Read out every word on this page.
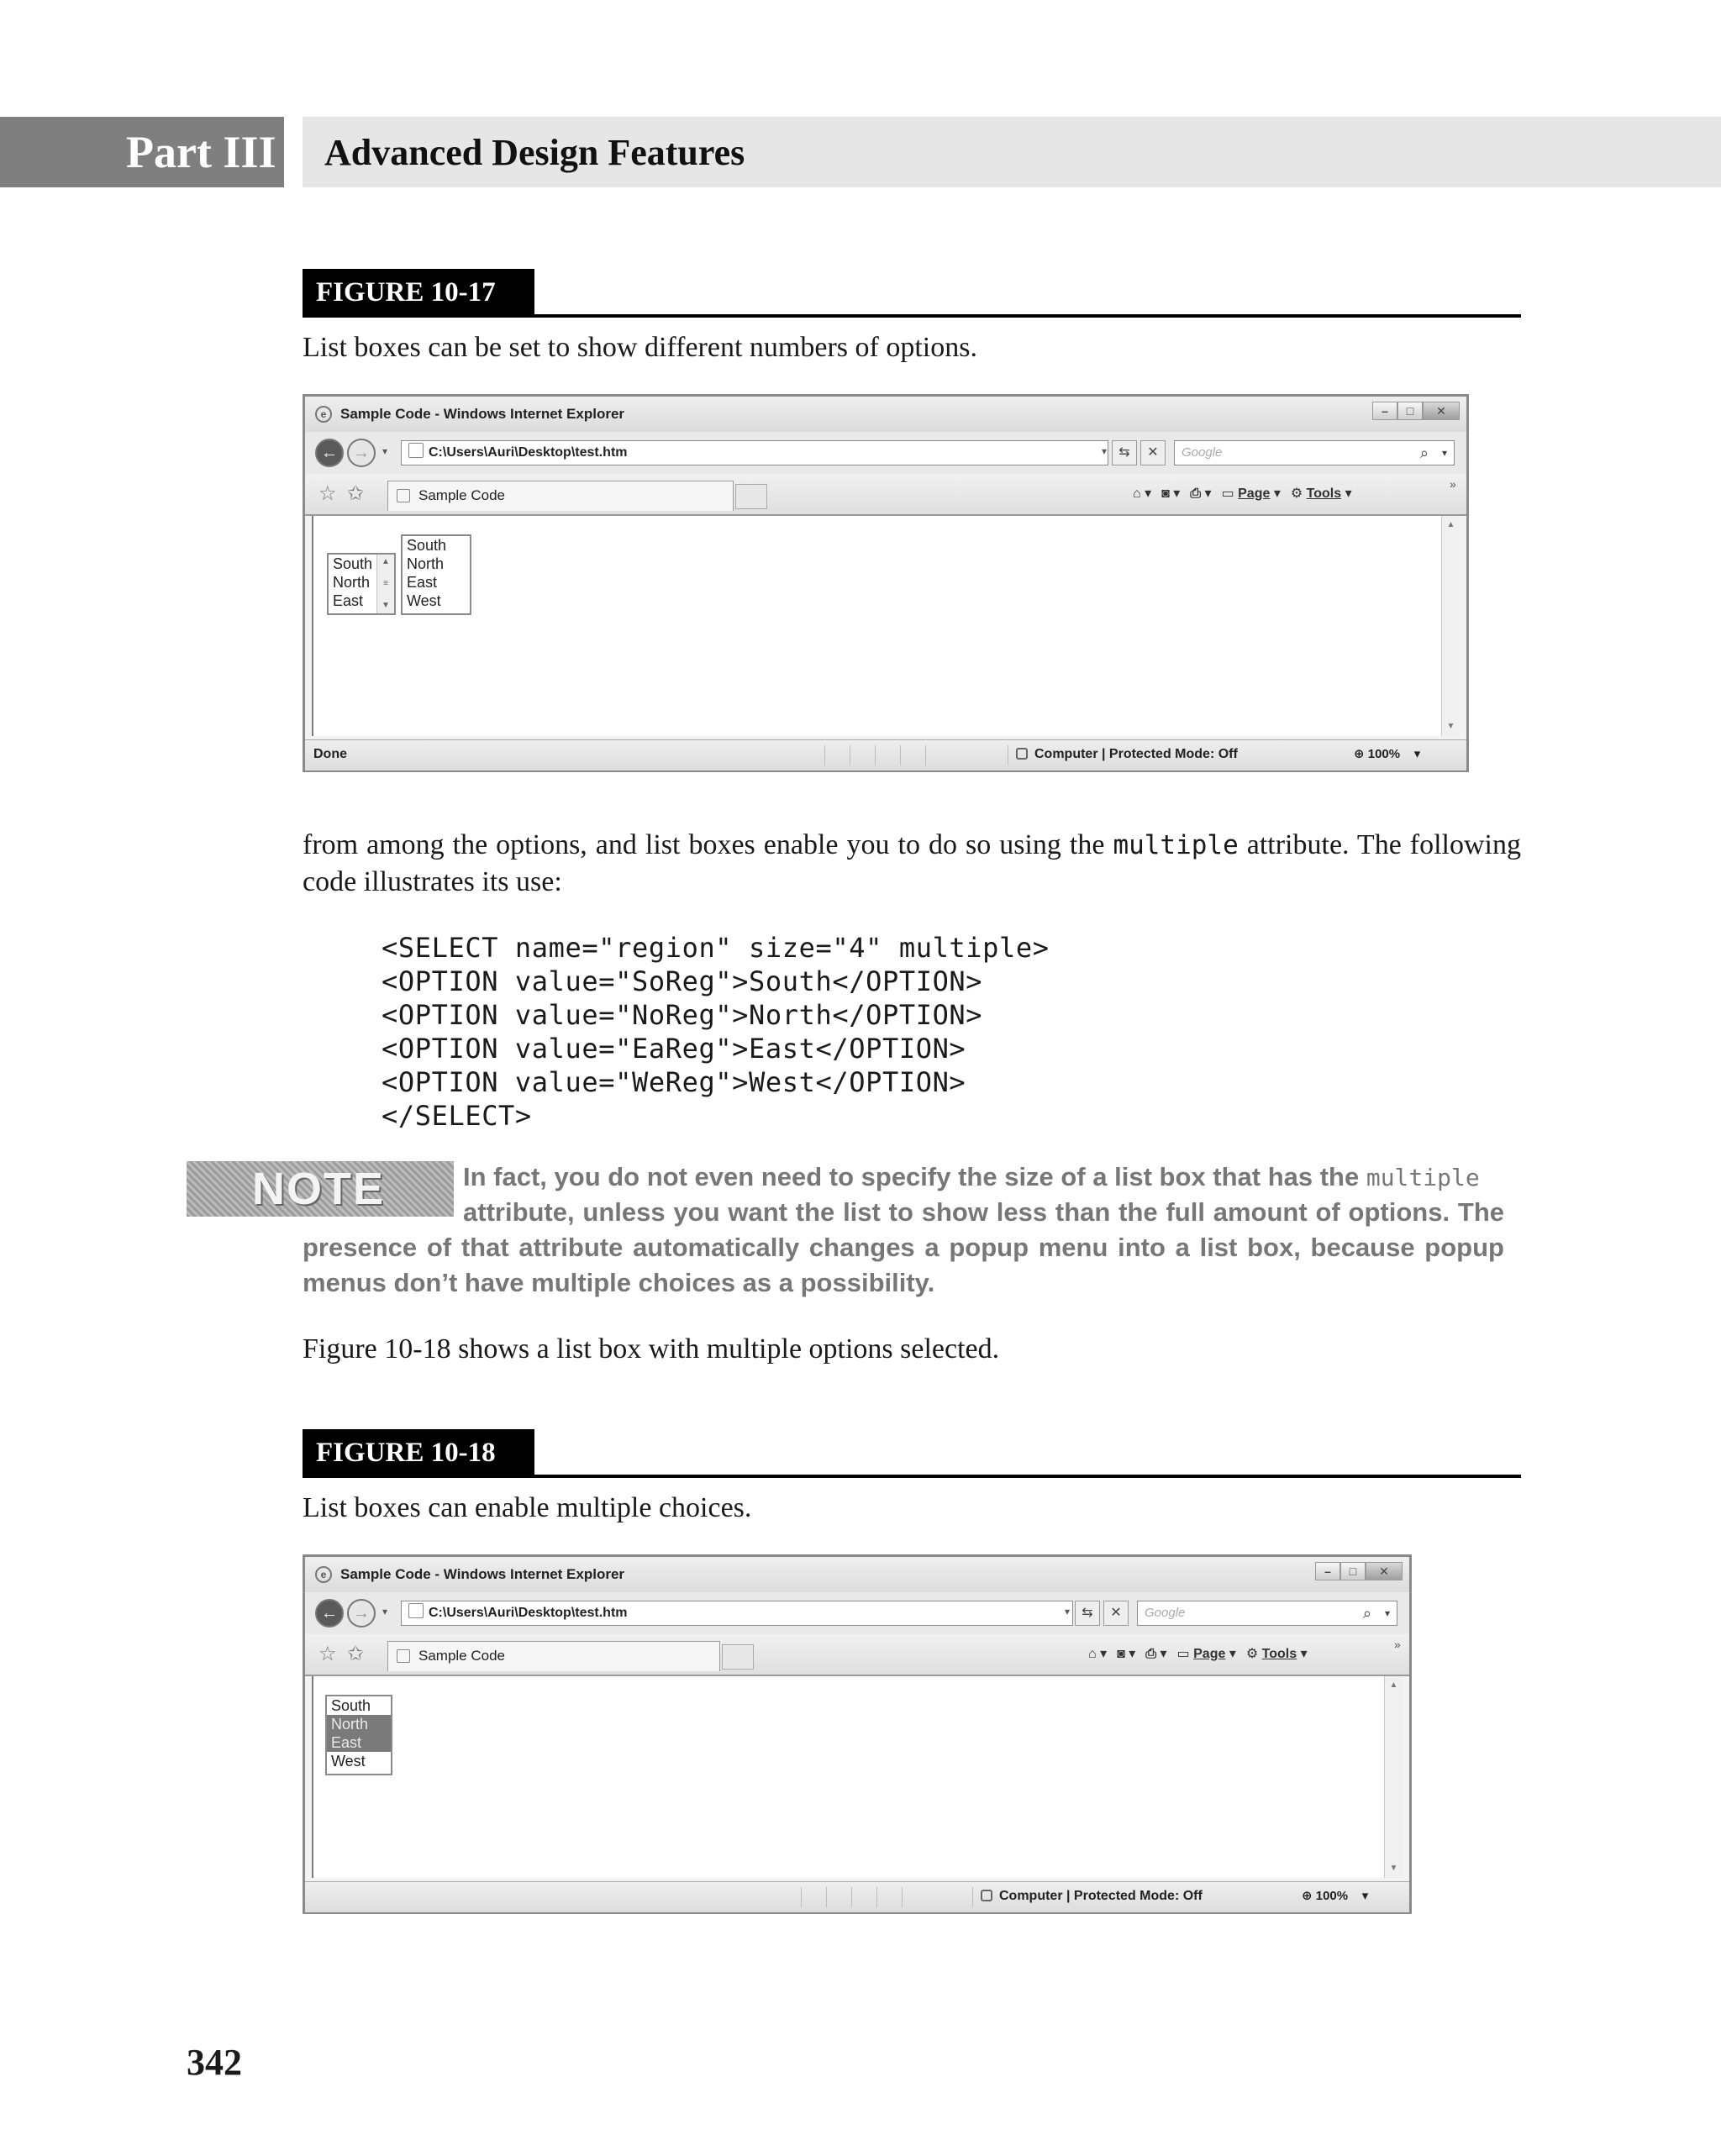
Part III Advanced Design Features
FIGURE 10-17
List boxes can be set to show different numbers of options.
e Sample Code - Windows Internet Explorer	–	□	✕
← →	▾	C:\Users\Auri\Desktop\test.htm	▾ ⇆	✕	Google	⌕ ▾
☆ ✩	Sample Code	⌂ ▾ ◙ ▾ ⎙ ▾ ▭ Page ▾ ⚙ Tools ▾
»
South
North
East
▲
≡
▼
South
North
East
West
▲
▼
Done	Computer | Protected Mode: Off	⊕ 100%    ▾
from among the options, and list boxes enable you to do so using the multiple attribute. The following code illustrates its use:
<SELECT name="region" size="4" multiple>
<OPTION value="SoReg">South</OPTION>
<OPTION value="NoReg">North</OPTION>
<OPTION value="EaReg">East</OPTION>
<OPTION value="WeReg">West</OPTION>
</SELECT>
NOTE	In fact, you do not even need to specify the size of a list box that has the multiple
attribute, unless you want the list to show less than the full amount of options. The presence of that attribute automatically changes a popup menu into a list box, because popup menus don’t have multiple choices as a possibility.
Figure 10-18 shows a list box with multiple options selected.
FIGURE 10-18
List boxes can enable multiple choices.
e Sample Code - Windows Internet Explorer	–	□	✕
← →	▾	C:\Users\Auri\Desktop\test.htm	▾ ⇆	✕	Google	⌕ ▾
☆ ✩	Sample Code	⌂ ▾ ◙ ▾ ⎙ ▾ ▭ Page ▾ ⚙ Tools ▾
»
South
North
East
West
▲
▼
Computer | Protected Mode: Off	⊕ 100%    ▾
342
